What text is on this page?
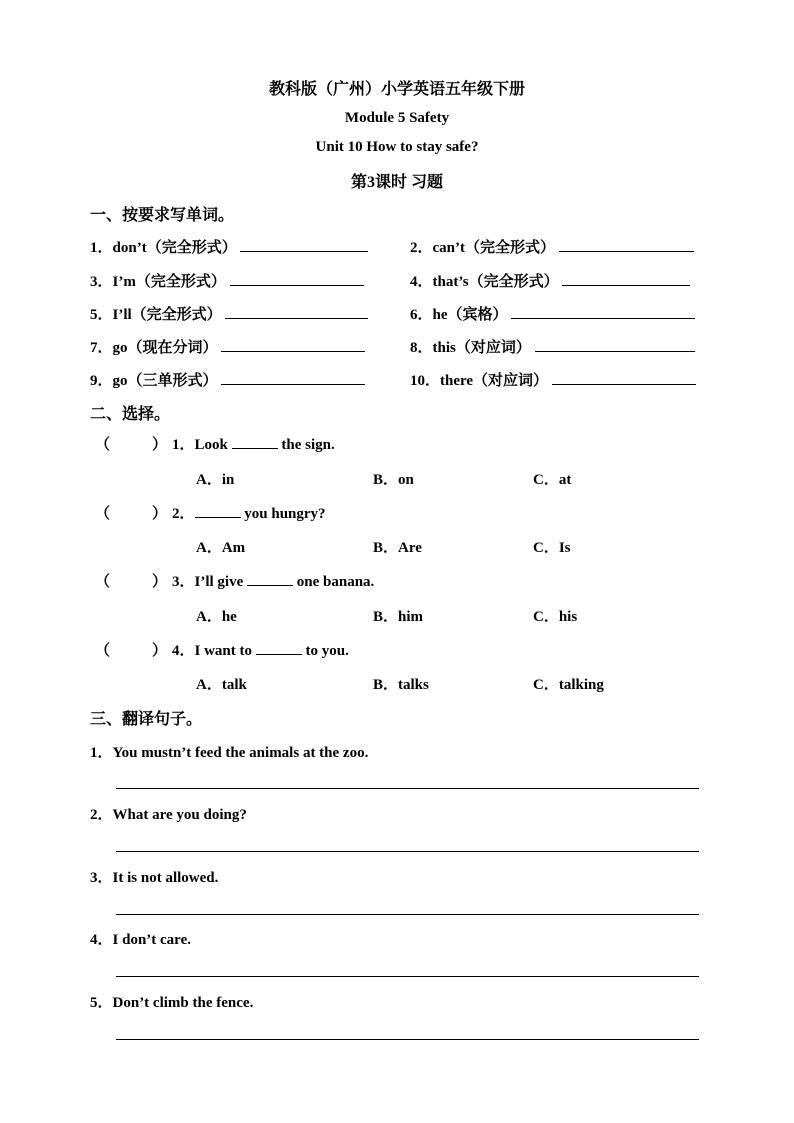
教科版（广州）小学英语五年级下册
Module 5 Safety
Unit 10 How to stay safe?
第3课时 习题
一、按要求写单词。
1．don’t（完全形式）	2．can’t（完全形式）
3．I’m（完全形式）	4．that’s（完全形式）
5．I’ll（完全形式）	6．he（宾格）
7．go（现在分词）	8．this（对应词）
9．go（三单形式）	10．there（对应词）
二、选择。
（	） 1．Look	the sign.
A．in	B．on	C．at
（	） 2．	you hungry?
A．Am	B．Are	C．Is
（	） 3．I’ll give	one banana.
A．he	B．him	C．his
（	） 4．I want to	to you.
A．talk	B．talks	C．talking
三、翻译句子。
1．You mustn’t feed the animals at the zoo.
2．What are you doing?
3．It is not allowed.
4．I don’t care.
5．Don’t climb the fence.
